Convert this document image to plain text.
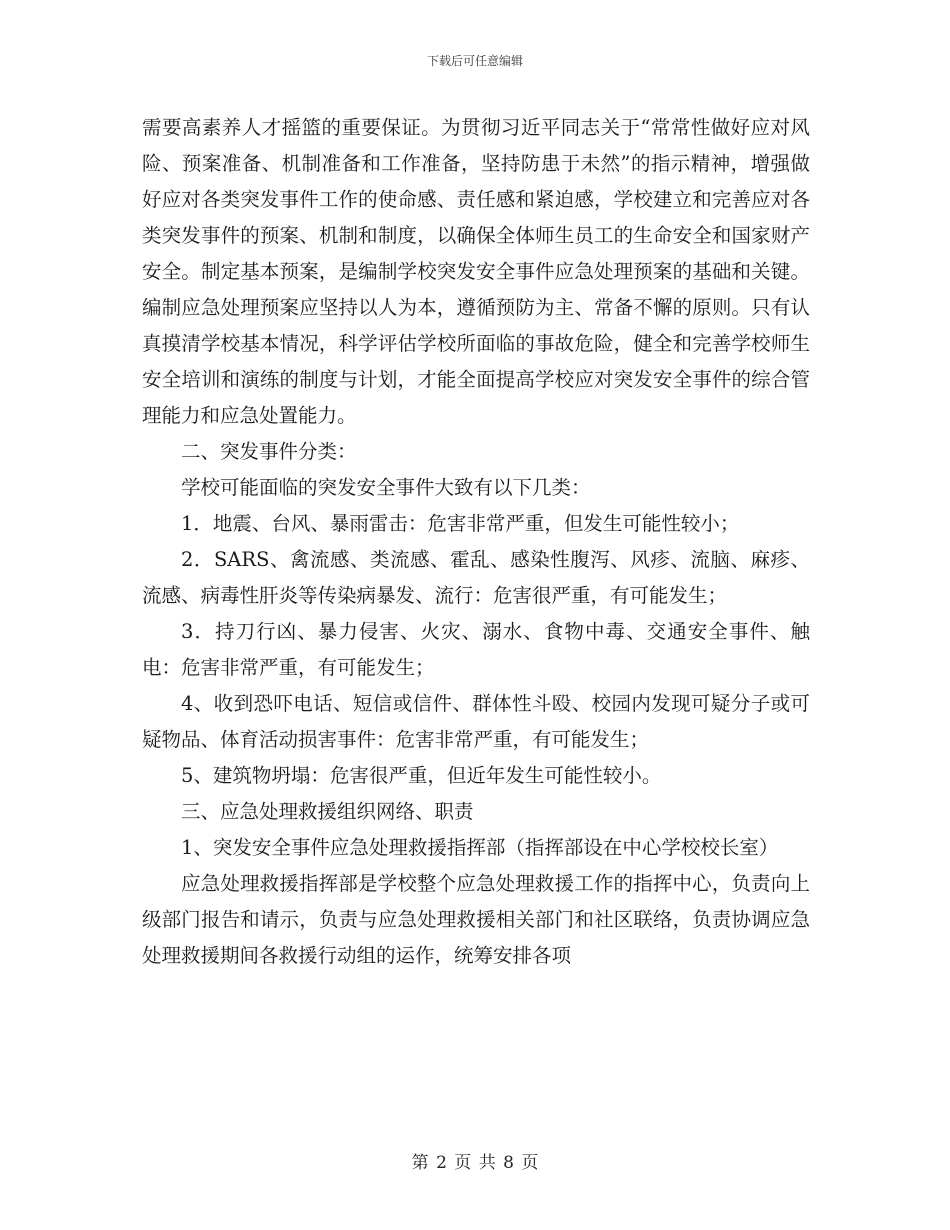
下载后可任意编辑

需要高素养人才摇篮的重要保证。为贯彻习近平同志关于“常常性做好应对风险、预案准备、机制准备和工作准备，坚持防患于未然”的指示精神，增强做好应对各类突发事件工作的使命感、责任感和紧迫感，学校建立和完善应对各类突发事件的预案、机制和制度，以确保全体师生员工的生命安全和国家财产安全。制定基本预案，是编制学校突发安全事件应急处理预案的基础和关键。编制应急处理预案应坚持以人为本，遵循预防为主、常备不懈的原则。只有认真摸清学校基本情况，科学评估学校所面临的事故危险，健全和完善学校师生安全培训和演练的制度与计划，才能全面提高学校应对突发安全事件的综合管理能力和应急处置能力。

二、突发事件分类：

学校可能面临的突发安全事件大致有以下几类：

1．地震、台风、暴雨雷击：危害非常严重，但发生可能性较小；

2．SARS、禽流感、类流感、霍乱、感染性腹泻、风疹、流脑、麻疹、流感、病毒性肝炎等传染病暴发、流行：危害很严重，有可能发生；

3．持刀行凶、暴力侵害、火灾、溺水、食物中毒、交通安全事件、触电：危害非常严重，有可能发生；

4、收到恐吓电话、短信或信件、群体性斗殴、校园内发现可疑分子或可疑物品、体育活动损害事件：危害非常严重，有可能发生；

5、建筑物坍塌：危害很严重，但近年发生可能性较小。

三、应急处理救援组织网络、职责

1、突发安全事件应急处理救援指挥部（指挥部设在中心学校校长室）

应急处理救援指挥部是学校整个应急处理救援工作的指挥中心，负责向上级部门报告和请示，负责与应急处理救援相关部门和社区联络，负责协调应急处理救援期间各救援行动组的运作，统筹安排各项

第 2 页 共 8 页
